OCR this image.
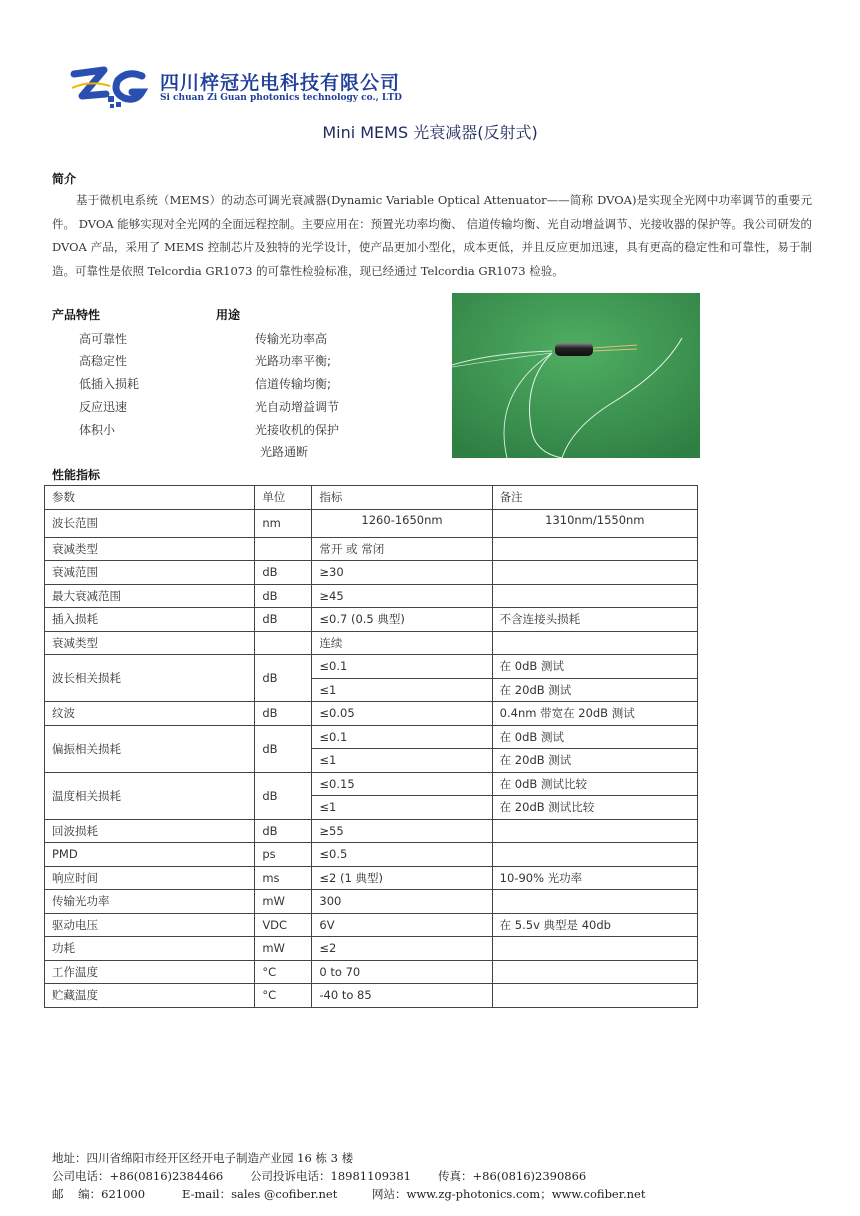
四川梓冠光电科技有限公司
Si chuan Zi Guan photonics technology co., LTD
Mini MEMS 光衰减器(反射式)
简介
基于微机电系统（MEMS）的动态可调光衰减器(Dynamic Variable Optical Attenuator——简称 DVOA)是实现全光网中功率调节的重要元件。 DVOA 能够实现对全光网的全面远程控制。主要应用在：预置光功率均衡、 信道传输均衡、光自动增益调节、光接收器的保护等。我公司研发的 DVOA 产品，采用了 MEMS 控制芯片及独特的光学设计，使产品更加小型化，成本更低，并且反应更加迅速，具有更高的稳定性和可靠性，易于制造。可靠性是依照 Telcordia GR1073 的可靠性检验标准，现已经通过 Telcordia GR1073 检验。
产品特性	用途
高可靠性
高稳定性
低插入损耗
反应迅速
体积小
传输光功率高
光路功率平衡;
信道传输均衡;
光自动增益调节
光接收机的保护
光路通断
性能指标
参数	单位	指标	备注
波长范围	nm	1260-1650nm	1310nm/1550nm
衰减类型		常开 或 常闭	
衰减范围	dB	≥30	
最大衰减范围	dB	≥45	
插入损耗	dB	≤0.7 (0.5 典型)	不含连接头损耗
衰减类型		连续	
波长相关损耗	dB	≤0.1	在 0dB 测试
		≤1	在 20dB 测试
纹波	dB	≤0.05	0.4nm 带宽在 20dB 测试
偏振相关损耗	dB	≤0.1	在 0dB 测试
		≤1	在 20dB 测试
温度相关损耗	dB	≤0.15	在 0dB 测试比较
		≤1	在 20dB 测试比较
回波损耗	dB	≥55	
PMD	ps	≤0.5	
响应时间	ms	≤2 (1 典型)	10-90% 光功率
传输光功率	mW	300	
驱动电压	VDC	6V	在 5.5v 典型是 40db
功耗	mW	≤2	
工作温度	°C	0 to 70	
贮藏温度	°C	-40 to 85	
地址：四川省绵阳市经开区经开电子制造产业园 16 栋 3 楼
公司电话：+86(0816)2384466 公司投诉电话：18981109381 传真：+86(0816)2390866
邮    编：621000	E-mail：sales @cofiber.net	网站：www.zg-photonics.com；www.cofiber.net
